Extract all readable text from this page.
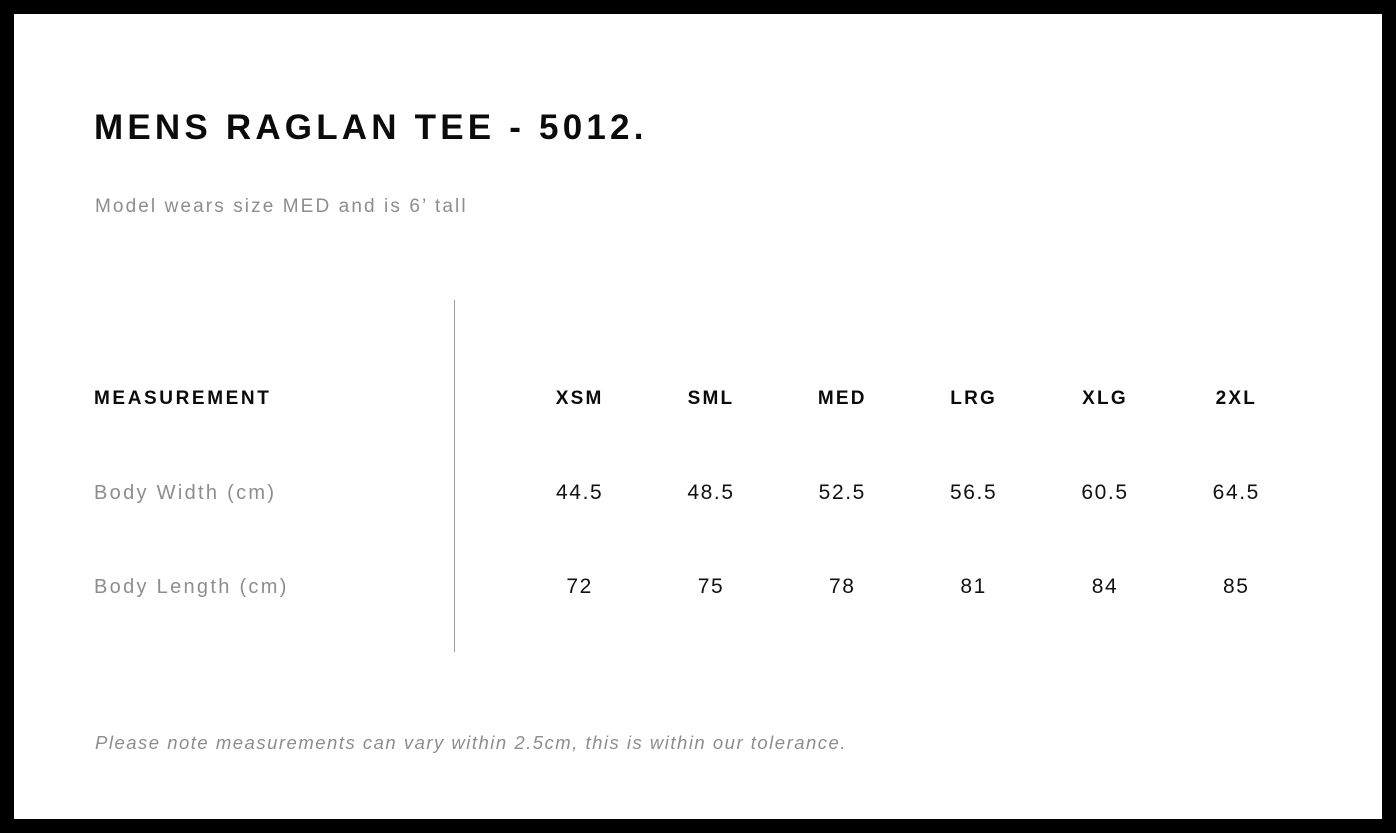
MENS RAGLAN TEE - 5012.
Model wears size MED and is 6’ tall
MEASUREMENT	XSM	SML	MED	LRG	XLG	2XL
Body Width (cm)	44.5	48.5	52.5	56.5	60.5	64.5
Body Length (cm)	72	75	78	81	84	85
Please note measurements can vary within 2.5cm, this is within our tolerance.
